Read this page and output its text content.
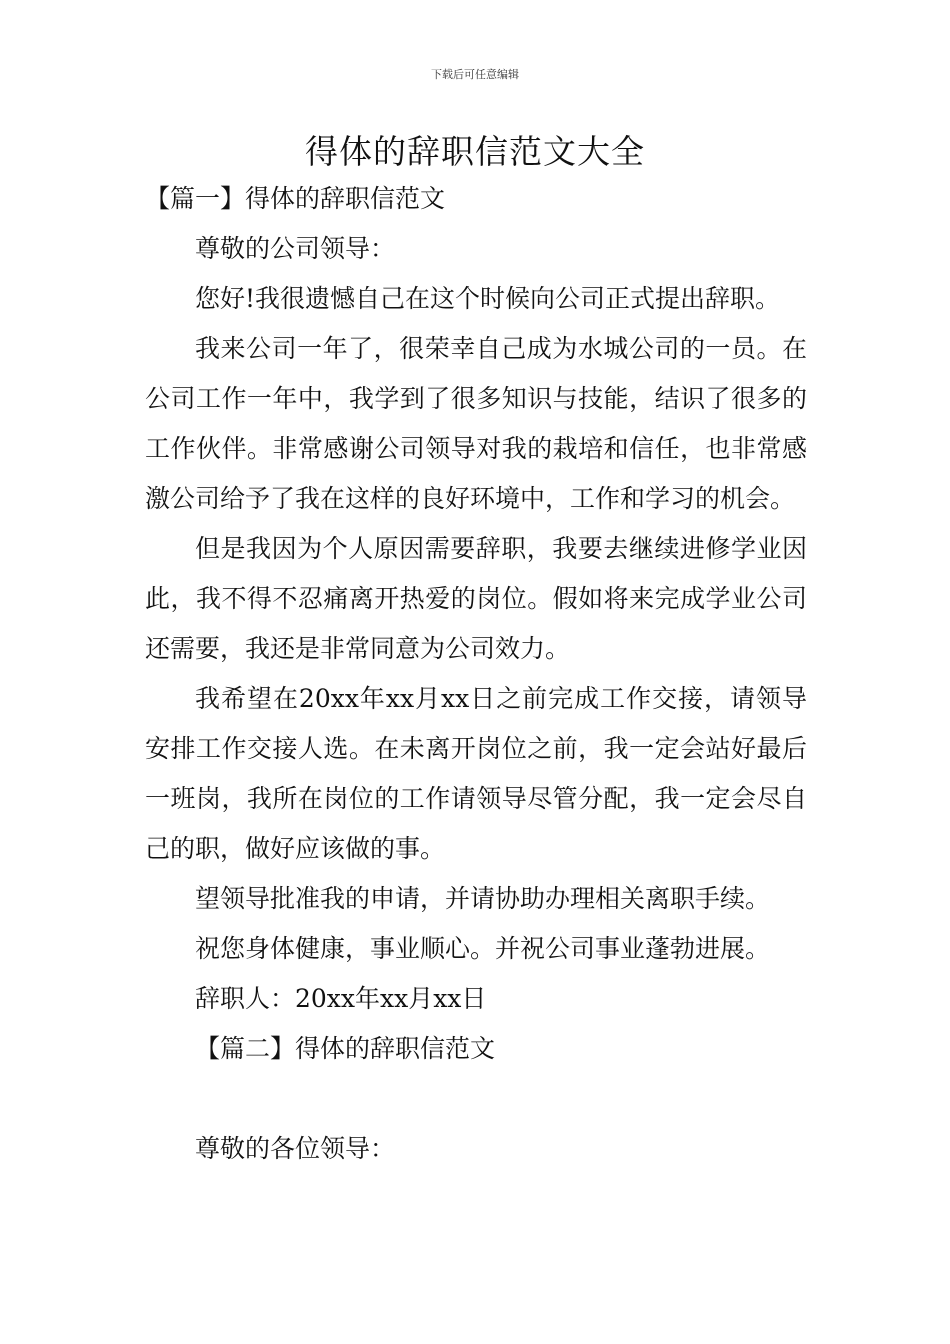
下载后可任意编辑
得体的辞职信范文大全

【篇一】得体的辞职信范文

尊敬的公司领导：

您好!我很遗憾自己在这个时候向公司正式提出辞职。

我来公司一年了，很荣幸自己成为水城公司的一员。在公司工作一年中，我学到了很多知识与技能，结识了很多的工作伙伴。非常感谢公司领导对我的栽培和信任，也非常感激公司给予了我在这样的良好环境中，工作和学习的机会。

但是我因为个人原因需要辞职，我要去继续进修学业因此，我不得不忍痛离开热爱的岗位。假如将来完成学业公司还需要，我还是非常同意为公司效力。

我希望在20xx年xx月xx日之前完成工作交接，请领导安排工作交接人选。在未离开岗位之前，我一定会站好最后一班岗，我所在岗位的工作请领导尽管分配，我一定会尽自己的职，做好应该做的事。

望领导批准我的申请，并请协助办理相关离职手续。

祝您身体健康，事业顺心。并祝公司事业蓬勃进展。

辞职人：20xx年xx月xx日

【篇二】得体的辞职信范文

尊敬的各位领导：
